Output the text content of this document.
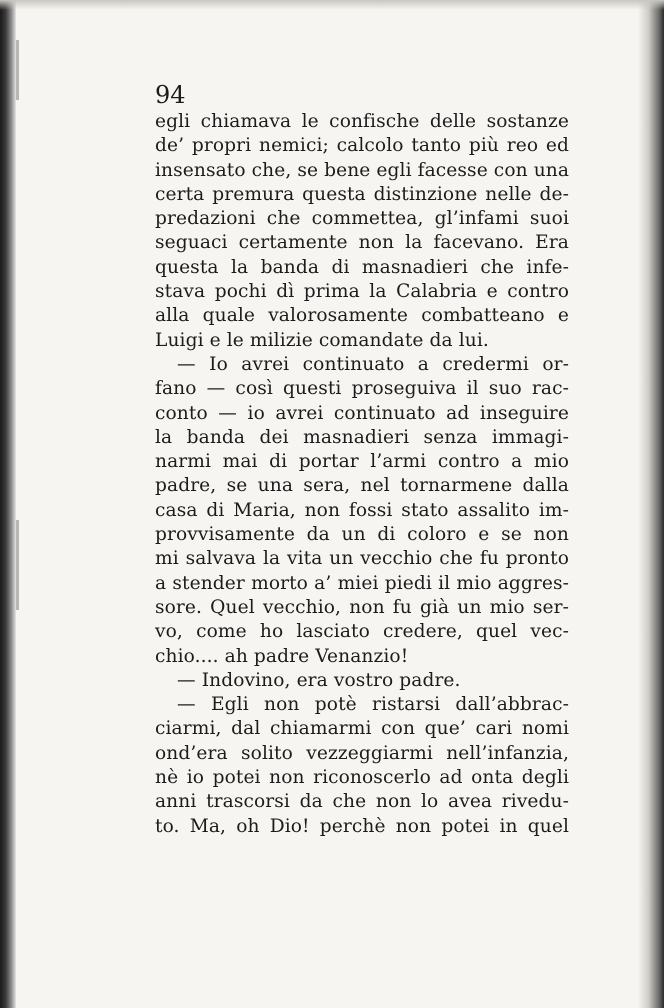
94
egli chiamava le confische delle sostanze
de’ propri nemici; calcolo tanto più reo ed
insensato che, se bene egli facesse con una
certa premura questa distinzione nelle de-
predazioni che commettea, gl’infami suoi
seguaci certamente non la facevano. Era
questa la banda di masnadieri che infe-
stava pochi dì prima la Calabria e contro
alla quale valorosamente combatteano e
Luigi e le milizie comandate da lui.
— Io avrei continuato a credermi or-
fano — così questi proseguiva il suo rac-
conto — io avrei continuato ad inseguire
la banda dei masnadieri senza immagi-
narmi mai di portar l’armi contro a mio
padre, se una sera, nel tornarmene dalla
casa di Maria, non fossi stato assalito im-
provvisamente da un di coloro e se non
mi salvava la vita un vecchio che fu pronto
a stender morto a’ miei piedi il mio aggres-
sore. Quel vecchio, non fu già un mio ser-
vo, come ho lasciato credere, quel vec-
chio.... ah padre Venanzio!
— Indovino, era vostro padre.
— Egli non potè ristarsi dall’abbrac-
ciarmi, dal chiamarmi con que’ cari nomi
ond’era solito vezzeggiarmi nell’infanzia,
nè io potei non riconoscerlo ad onta degli
anni trascorsi da che non lo avea rivedu-
to. Ma, oh Dio! perchè non potei in quel
